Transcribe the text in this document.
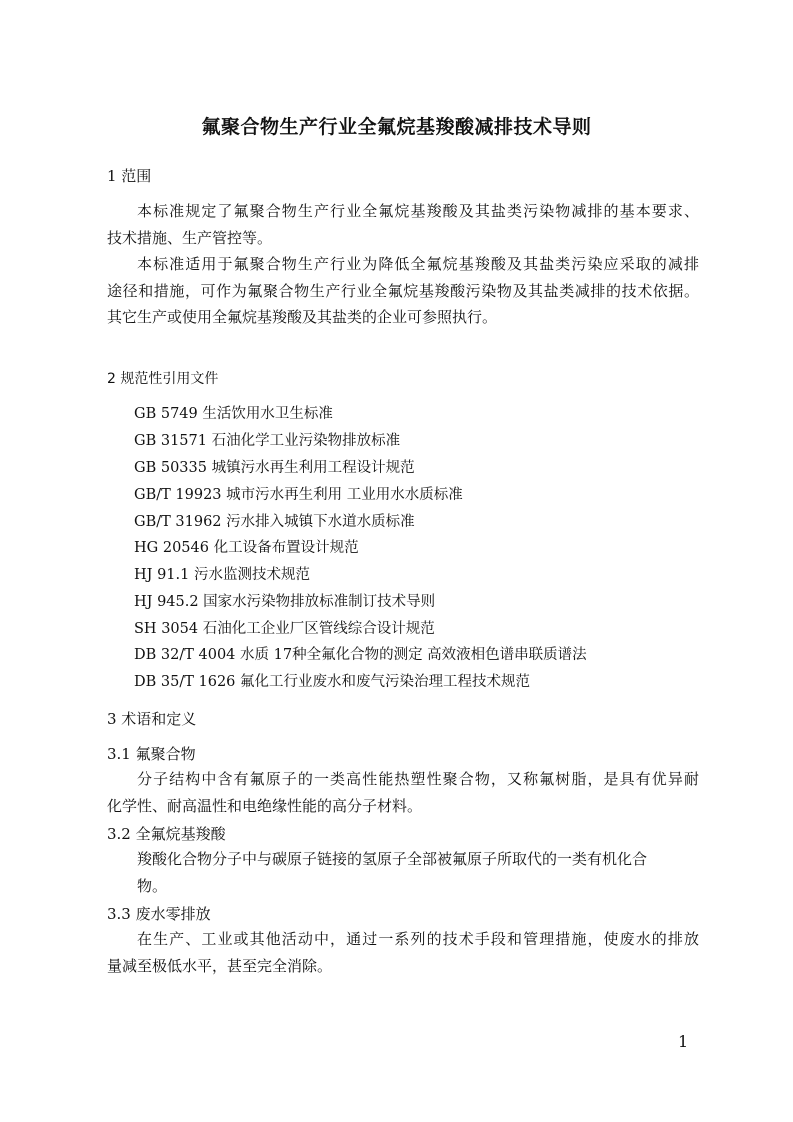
氟聚合物生产行业全氟烷基羧酸减排技术导则
1 范围
本标准规定了氟聚合物生产行业全氟烷基羧酸及其盐类污染物减排的基本要求、
技术措施、生产管控等。
本标准适用于氟聚合物生产行业为降低全氟烷基羧酸及其盐类污染应采取的减排
途径和措施，可作为氟聚合物生产行业全氟烷基羧酸污染物及其盐类减排的技术依据。
其它生产或使用全氟烷基羧酸及其盐类的企业可参照执行。
2 规范性引用文件
GB 5749 生活饮用水卫生标准
GB 31571 石油化学工业污染物排放标准
GB 50335 城镇污水再生利用工程设计规范
GB/T 19923 城市污水再生利用 工业用水水质标准
GB/T 31962 污水排入城镇下水道水质标准
HG 20546 化工设备布置设计规范
HJ 91.1 污水监测技术规范
HJ 945.2 国家水污染物排放标准制订技术导则
SH 3054 石油化工企业厂区管线综合设计规范
DB 32/T 4004 水质 17种全氟化合物的测定 高效液相色谱串联质谱法
DB 35/T 1626 氟化工行业废水和废气污染治理工程技术规范
3 术语和定义
3.1 氟聚合物
分子结构中含有氟原子的一类高性能热塑性聚合物，又称氟树脂，是具有优异耐
化学性、耐高温性和电绝缘性能的高分子材料。
3.2 全氟烷基羧酸
羧酸化合物分子中与碳原子链接的氢原子全部被氟原子所取代的一类有机化合
物。
3.3 废水零排放
在生产、工业或其他活动中，通过一系列的技术手段和管理措施，使废水的排放
量减至极低水平，甚至完全消除。
1
